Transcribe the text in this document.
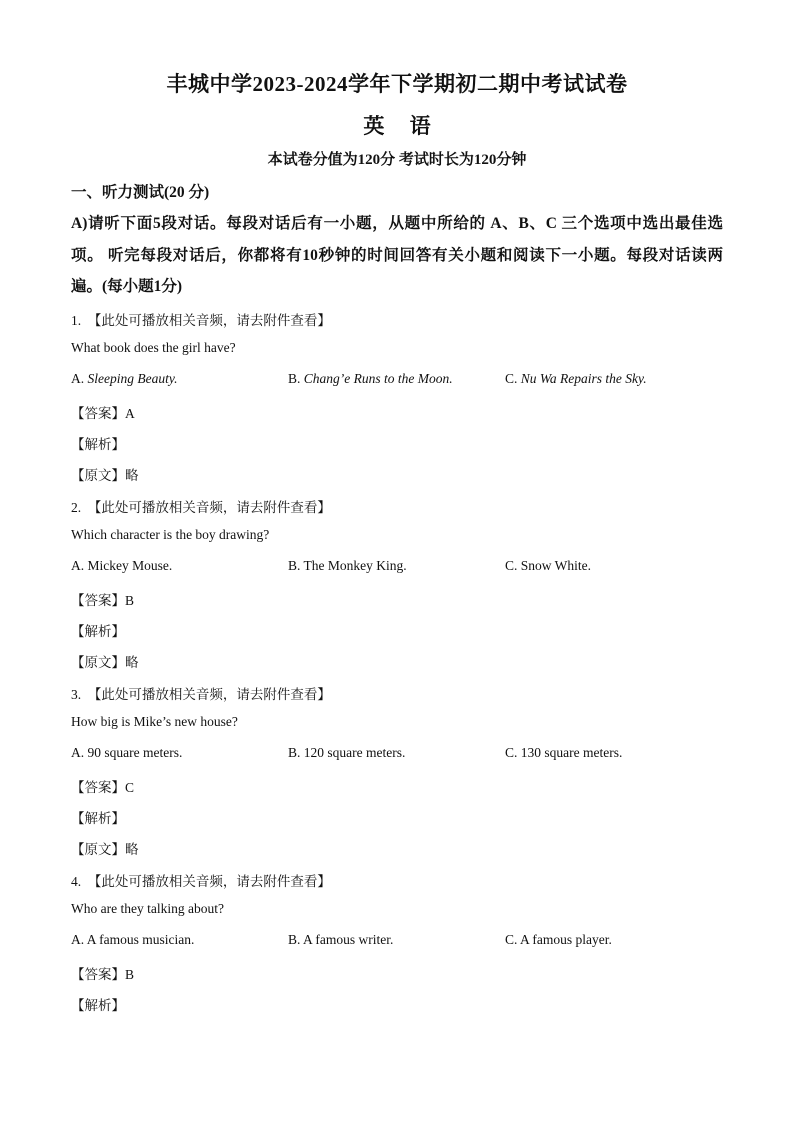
丰城中学2023-2024学年下学期初二期中考试试卷
英 语
本试卷分值为120分 考试时长为120分钟
一、听力测试(20 分)
A)请听下面5段对话。每段对话后有一小题，从题中所给的 A、B、C 三个选项中选出最佳选项。 听完每段对话后，你都将有10秒钟的时间回答有关小题和阅读下一小题。每段对话读两遍。(每小题1分)
1. 【此处可播放相关音频，请去附件查看】
What book does the girl have?
A. Sleeping Beauty.	B. Chang’e Runs to the Moon.	C. Nu Wa Repairs the Sky.
【答案】A
【解析】
【原文】略
2. 【此处可播放相关音频，请去附件查看】
Which character is the boy drawing?
A. Mickey Mouse.	B. The Monkey King.	C. Snow White.
【答案】B
【解析】
【原文】略
3. 【此处可播放相关音频，请去附件查看】
How big is Mike’s new house?
A. 90 square meters.	B. 120 square meters.	C. 130 square meters.
【答案】C
【解析】
【原文】略
4. 【此处可播放相关音频，请去附件查看】
Who are they talking about?
A. A famous musician.	B. A famous writer.	C. A famous player.
【答案】B
【解析】
